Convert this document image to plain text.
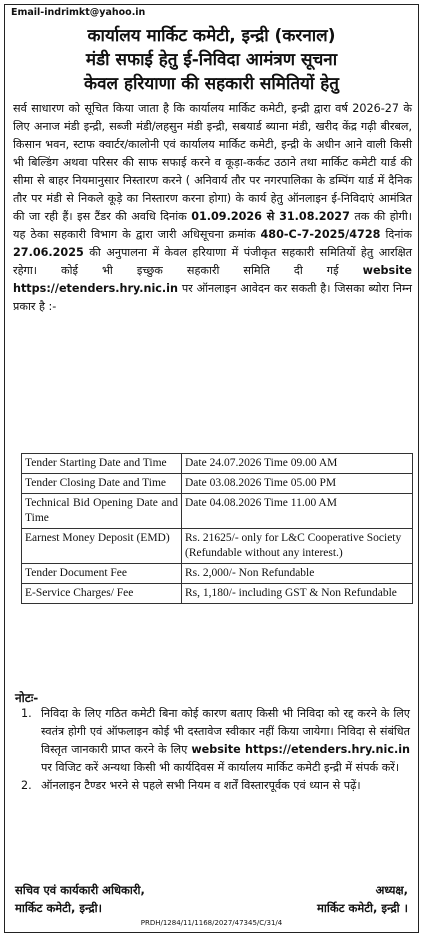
Email-indrimkt@yahoo.in
कार्यालय मार्किट कमेटी, इन्द्री (करनाल)
मंडी सफाई हेतु ई-निविदा आमंत्रण सूचना
केवल हरियाणा की सहकारी समितियों हेतु
सर्व साधारण को सूचित किया जाता है कि कार्यालय मार्किट कमेटी, इन्द्री द्वारा वर्ष 2026-27 के लिए अनाज मंडी इन्द्री, सब्जी मंडी/लहसुन मंडी इन्द्री, सबयार्ड ब्याना मंडी, खरीद केंद्र गढ़ी बीरबल, किसान भवन, स्टाफ क्वार्टर/कालोनी एवं कार्यालय मार्किट कमेटी, इन्द्री के अधीन आने वाली किसी भी बिल्डिंग अथवा परिसर की साफ सफाई करने व कूड़ा-कर्कट उठाने तथा मार्किट कमेटी यार्ड की सीमा से बाहर नियमानुसार निस्तारण करने ( अनिवार्य तौर पर नगरपालिका के डम्पिंग यार्ड में दैनिक तौर पर मंडी से निकले कूड़े का निस्तारण करना होगा) के कार्य हेतु ऑनलाइन ई-निविदाएं आमंत्रित की जा रही हैं। इस टैंडर की अवधि दिनांक 01.09.2026 से 31.08.2027 तक की होगी। यह ठेका सहकारी विभाग के द्वारा जारी अधिसूचना क्रमांक 480-C-7-2025/4728 दिनांक 27.06.2025 की अनुपालना में केवल हरियाणा में पंजीकृत सहकारी समितियों हेतु आरक्षित रहेगा। कोई भी इच्छुक सहकारी समिति दी गई website https://etenders.hry.nic.in पर ऑनलाइन आवेदन कर सकती है। जिसका ब्योरा निम्न प्रकार है :-
Tender Starting Date and Time	Date 24.07.2026 Time 09.00 AM
Tender Closing Date and Time	Date 03.08.2026 Time 05.00 PM
Technical Bid Opening Date and Time	Date 04.08.2026 Time 11.00 AM
Earnest Money Deposit (EMD)	Rs. 21625/- only for L&C Cooperative Society (Refundable without any interest.)
Tender Document Fee	Rs. 2,000/- Non Refundable
E-Service Charges/ Fee	Rs, 1,180/- including GST & Non Refundable
नोटः-
1. निविदा के लिए गठित कमेटी बिना कोई कारण बताए किसी भी निविदा को रद्द करने के लिए स्वतंत्र होगी एवं ऑफलाइन कोई भी दस्तावेज स्वीकार नहीं किया जायेगा। निविदा से संबंधित विस्तृत जानकारी प्राप्त करने के लिए website https://etenders.hry.nic.in पर विजिट करें अन्यथा किसी भी कार्यदिवस में कार्यालय मार्किट कमेटी इन्द्री में संपर्क करें।
2. ऑनलाइन टैण्डर भरने से पहले सभी नियम व शर्तें विस्तारपूर्वक एवं ध्यान से पढ़ें।
सचिव एवं कार्यकारी अधिकारी,
मार्किट कमेटी, इन्द्री।
अध्यक्ष,
मार्किट कमेटी, इन्द्री ।
PRDH/1284/11/1168/2027/47345/C/31/4
